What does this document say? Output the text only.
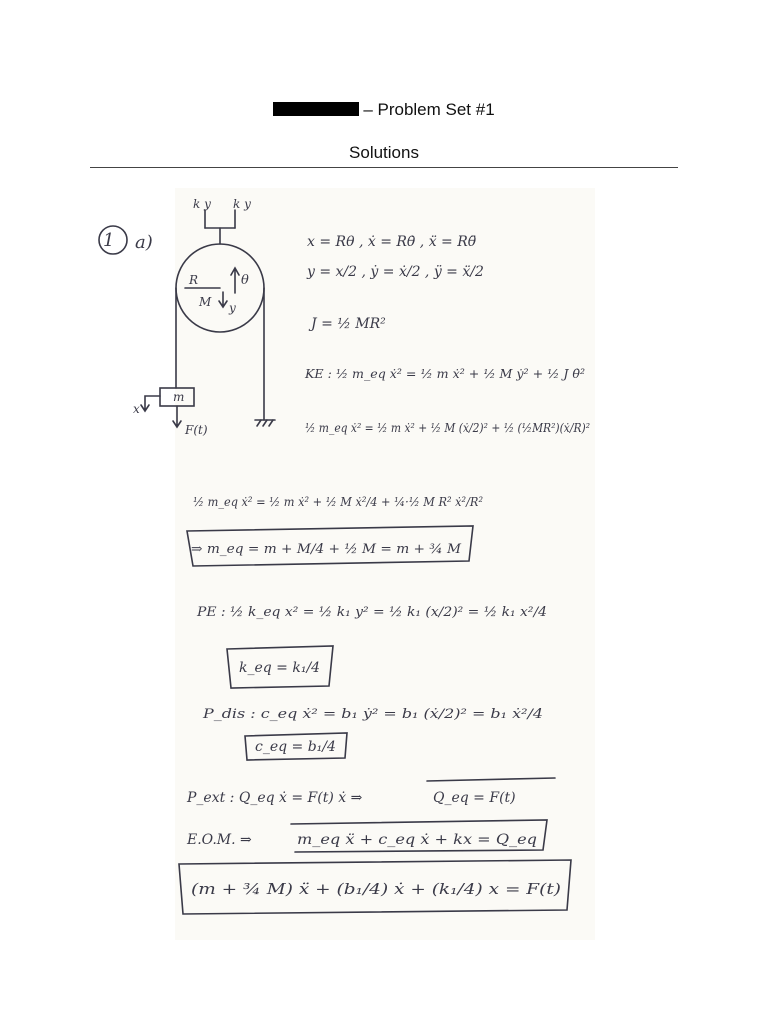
– Problem Set #1
Solutions
1 a)
k y k y
R
M y
θ
m
x
F(t)
x = Rθ , ẋ = Rθ̇ , ẍ = Rθ̈
y = x/2 , ẏ = ẋ/2 , ÿ = ẍ/2
J = ½ MR²
KE : ½ m_eq ẋ² = ½ m ẋ² + ½ M ẏ² + ½ J θ̇²
½ m_eq ẋ² = ½ m ẋ² + ½ M (ẋ/2)² + ½ (½MR²)(ẋ/R)²
½ m_eq ẋ² = ½ m ẋ² + ½ M ẋ²/4 + ¼·½ M R² ẋ²/R²
⇒ m_eq = m + M/4 + ½ M = m + ¾ M
PE : ½ k_eq x² = ½ k₁ y² = ½ k₁ (x/2)² = ½ k₁ x²/4
k_eq = k₁/4
P_dis : c_eq ẋ² = b₁ ẏ² = b₁ (ẋ/2)² = b₁ ẋ²/4
c_eq = b₁/4
P_ext : Q_eq ẋ = F(t) ẋ ⇒	Q_eq = F(t)
E.O.M. ⇒	m_eq ẍ + c_eq ẋ + kx = Q_eq
(m + ¾ M) ẍ + (b₁/4) ẋ + (k₁/4) x = F(t)
